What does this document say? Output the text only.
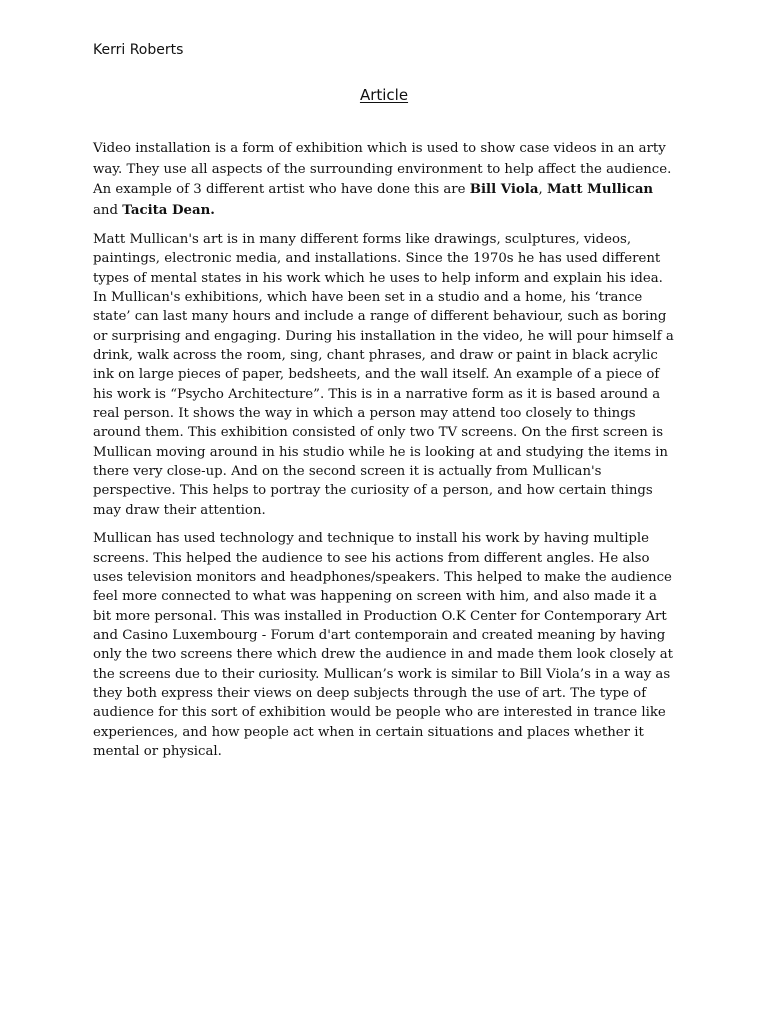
Kerri Roberts
Article

Video installation is a form of exhibition which is used to show case videos in an arty way. They use all aspects of the surrounding environment to help affect the audience. An example of 3 different artist who have done this are Bill Viola, Matt Mullican and Tacita Dean.

Matt Mullican's art is in many different forms like drawings, sculptures, videos, paintings, electronic media, and installations. Since the 1970s he has used different types of mental states in his work which he uses to help inform and explain his idea. In Mullican's exhibitions, which have been set in a studio and a home, his ‘trance state’ can last many hours and include a range of different behaviour, such as boring or surprising and engaging. During his installation in the video, he will pour himself a drink, walk across the room, sing, chant phrases, and draw or paint in black acrylic ink on large pieces of paper, bedsheets, and the wall itself. An example of a piece of his work is “Psycho Architecture”. This is in a narrative form as it is based around a real person. It shows the way in which a person may attend too closely to things around them. This exhibition consisted of only two TV screens. On the first screen is Mullican moving around in his studio while he is looking at and studying the items in there very close-up. And on the second screen it is actually from Mullican's perspective. This helps to portray the curiosity of a person, and how certain things may draw their attention.

Mullican has used technology and technique to install his work by having multiple screens. This helped the audience to see his actions from different angles. He also uses television monitors and headphones/speakers. This helped to make the audience feel more connected to what was happening on screen with him, and also made it a bit more personal. This was installed in Production O.K Center for Contemporary Art and Casino Luxembourg - Forum d'art contemporain and created meaning by having only the two screens there which drew the audience in and made them look closely at the screens due to their curiosity. Mullican’s work is similar to Bill Viola’s in a way as they both express their views on deep subjects through the use of art. The type of audience for this sort of exhibition would be people who are interested in trance like experiences, and how people act when in certain situations and places whether it mental or physical.
